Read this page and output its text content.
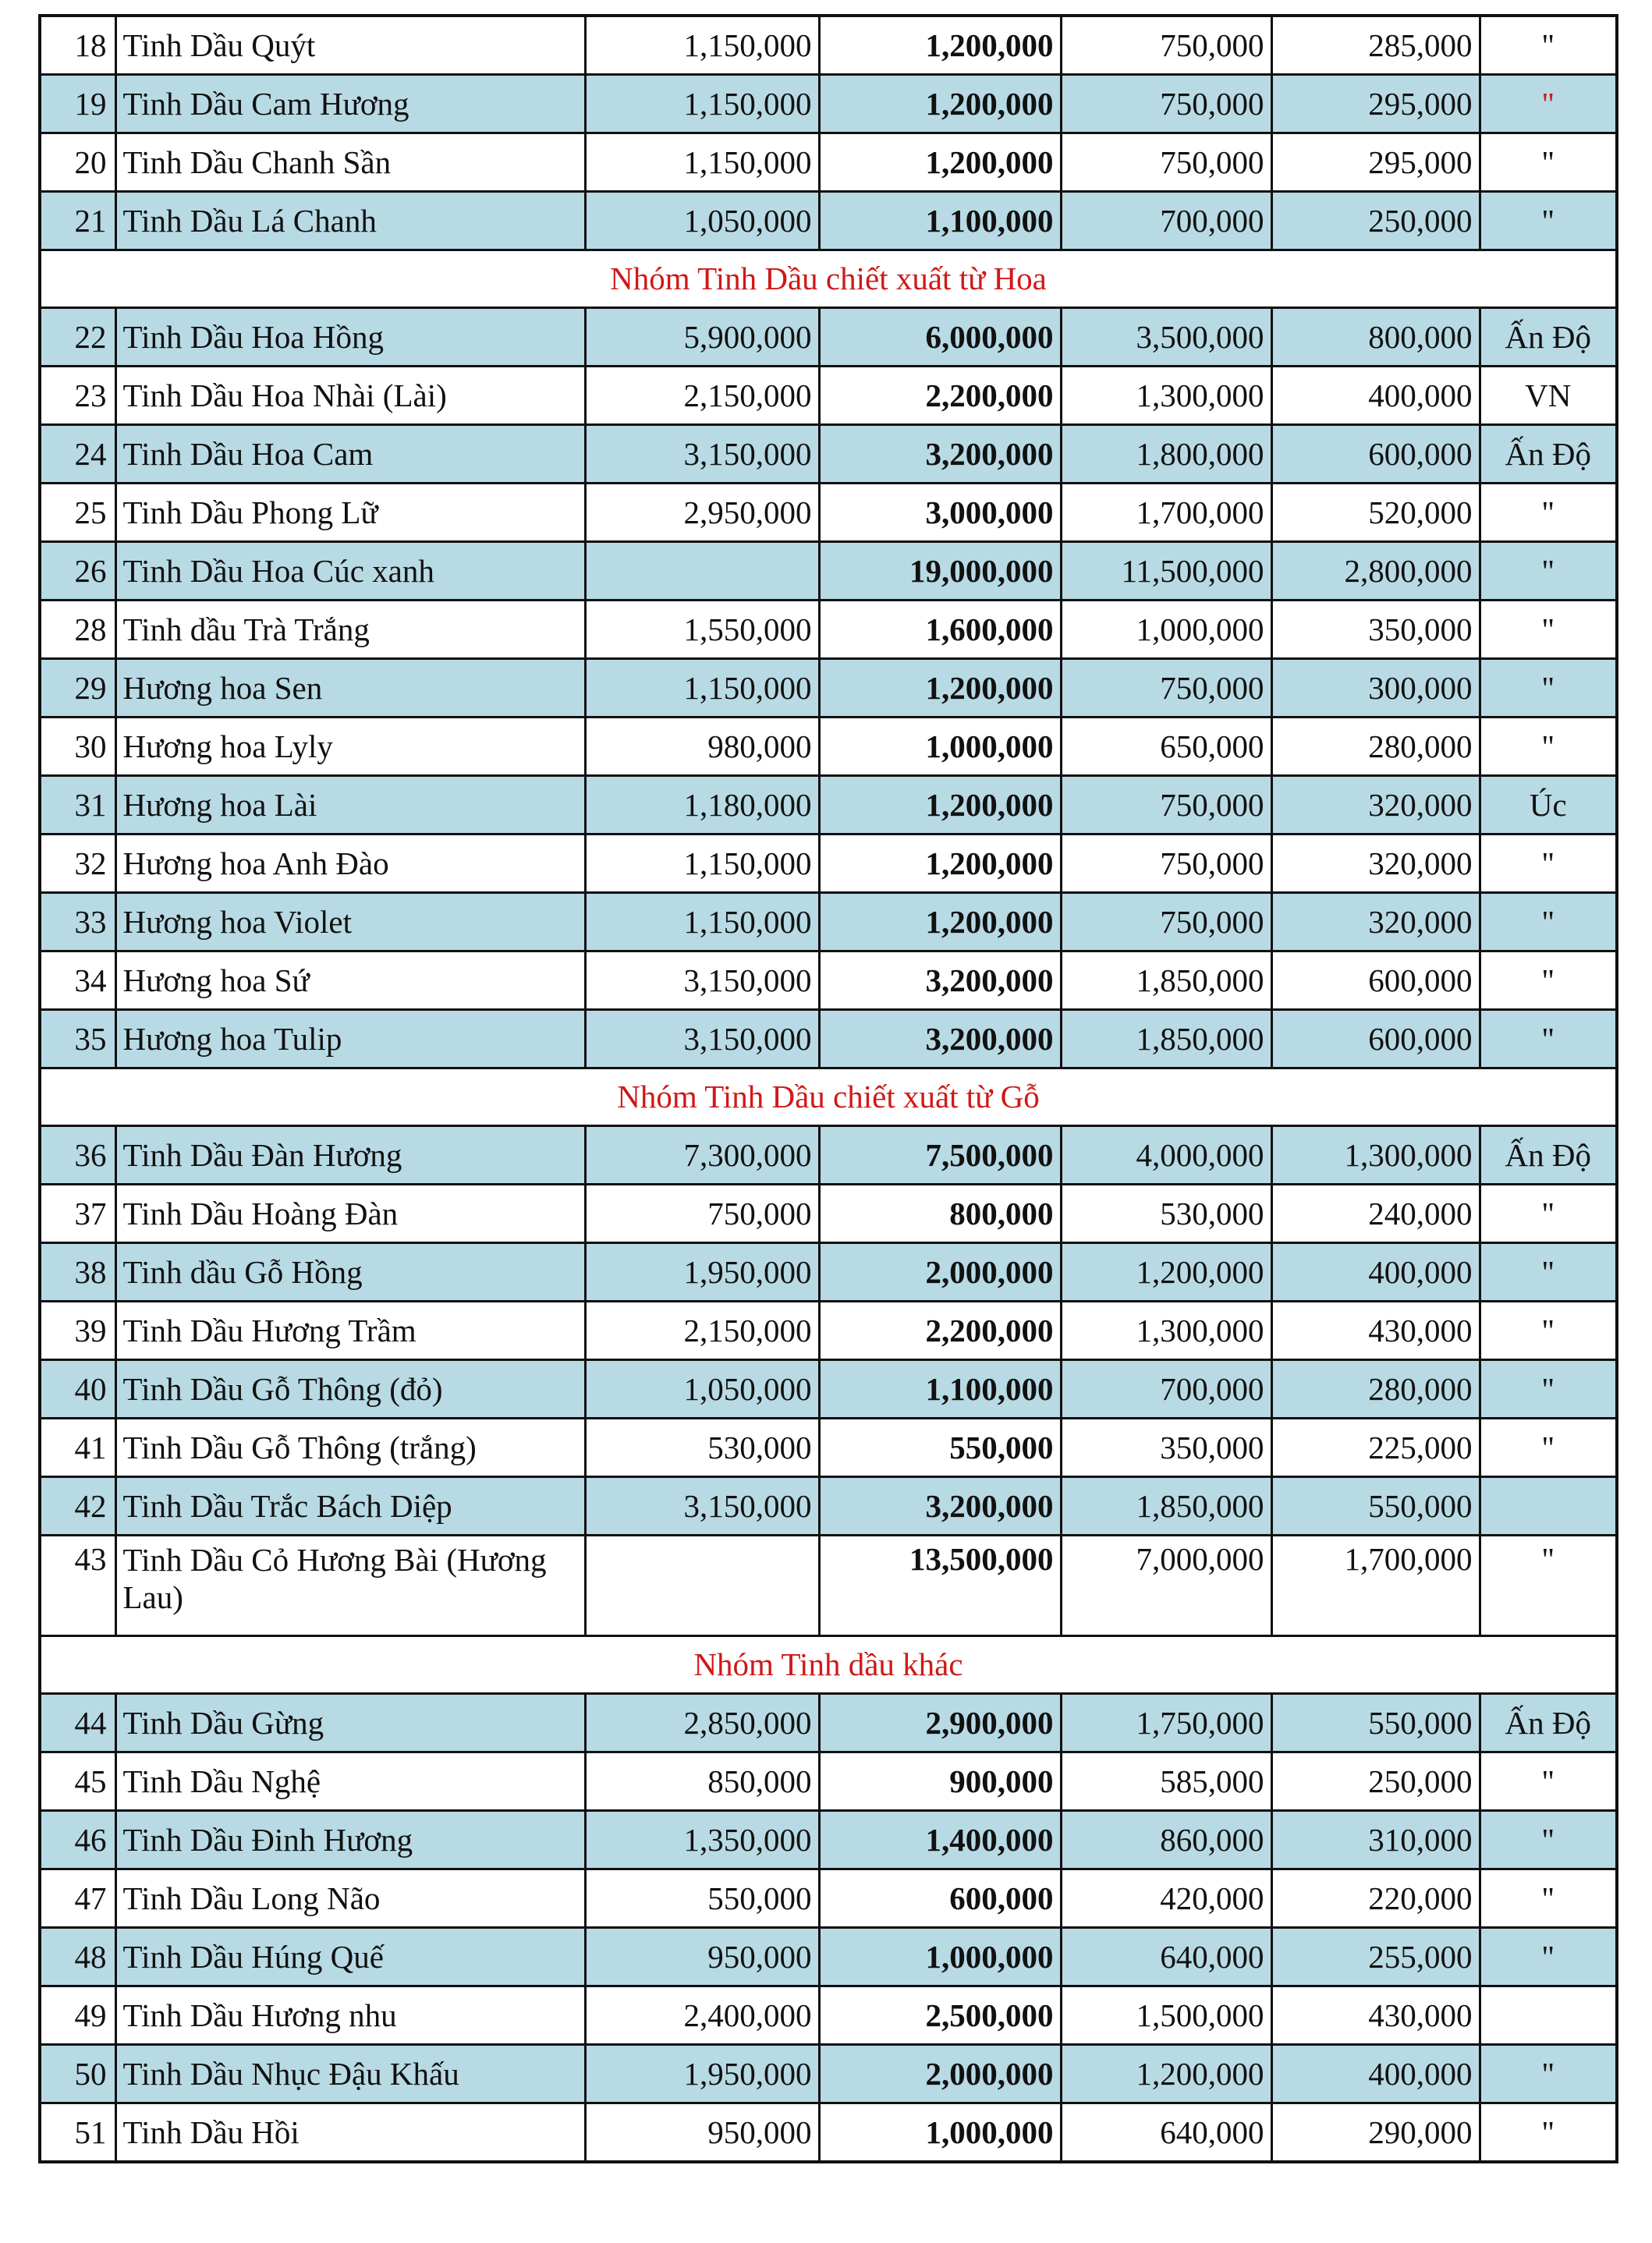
18	Tinh Dầu Quýt	1,150,000	1,200,000	750,000	285,000	"
19	Tinh Dầu Cam Hương	1,150,000	1,200,000	750,000	295,000	"
20	Tinh Dầu Chanh Sần	1,150,000	1,200,000	750,000	295,000	"
21	Tinh Dầu Lá Chanh	1,050,000	1,100,000	700,000	250,000	"
Nhóm Tinh Dầu chiết xuất từ Hoa						
22	Tinh Dầu Hoa Hồng	5,900,000	6,000,000	3,500,000	800,000	Ấn Độ
23	Tinh Dầu Hoa Nhài (Lài)	2,150,000	2,200,000	1,300,000	400,000	VN
24	Tinh Dầu Hoa Cam	3,150,000	3,200,000	1,800,000	600,000	Ấn Độ
25	Tinh Dầu Phong Lữ	2,950,000	3,000,000	1,700,000	520,000	"
26	Tinh Dầu Hoa Cúc xanh		19,000,000	11,500,000	2,800,000	"
28	Tinh dầu Trà Trắng	1,550,000	1,600,000	1,000,000	350,000	"
29	Hương hoa Sen	1,150,000	1,200,000	750,000	300,000	"
30	Hương hoa Lyly	980,000	1,000,000	650,000	280,000	"
31	Hương hoa Lài	1,180,000	1,200,000	750,000	320,000	Úc
32	Hương hoa Anh Đào	1,150,000	1,200,000	750,000	320,000	"
33	Hương hoa Violet	1,150,000	1,200,000	750,000	320,000	"
34	Hương hoa Sứ	3,150,000	3,200,000	1,850,000	600,000	"
35	Hương hoa Tulip	3,150,000	3,200,000	1,850,000	600,000	"
Nhóm Tinh Dầu chiết xuất từ Gỗ						
36	Tinh Dầu Đàn Hương	7,300,000	7,500,000	4,000,000	1,300,000	Ấn Độ
37	Tinh Dầu Hoàng Đàn	750,000	800,000	530,000	240,000	"
38	Tinh dầu Gỗ Hồng	1,950,000	2,000,000	1,200,000	400,000	"
39	Tinh Dầu Hương Trầm	2,150,000	2,200,000	1,300,000	430,000	"
40	Tinh Dầu Gỗ Thông (đỏ)	1,050,000	1,100,000	700,000	280,000	"
41	Tinh Dầu Gỗ Thông (trắng)	530,000	550,000	350,000	225,000	"
42	Tinh Dầu Trắc Bách Diệp	3,150,000	3,200,000	1,850,000	550,000	
43	Tinh Dầu Cỏ Hương Bài (Hương Lau)		13,500,000	7,000,000	1,700,000	"
Nhóm Tinh dầu khác						
44	Tinh Dầu Gừng	2,850,000	2,900,000	1,750,000	550,000	Ấn Độ
45	Tinh Dầu Nghệ	850,000	900,000	585,000	250,000	"
46	Tinh Dầu Đinh Hương	1,350,000	1,400,000	860,000	310,000	"
47	Tinh Dầu Long Não	550,000	600,000	420,000	220,000	"
48	Tinh Dầu Húng Quế	950,000	1,000,000	640,000	255,000	"
49	Tinh Dầu Hương nhu	2,400,000	2,500,000	1,500,000	430,000	
50	Tinh Dầu Nhục Đậu Khấu	1,950,000	2,000,000	1,200,000	400,000	"
51	Tinh Dầu Hồi	950,000	1,000,000	640,000	290,000	"
